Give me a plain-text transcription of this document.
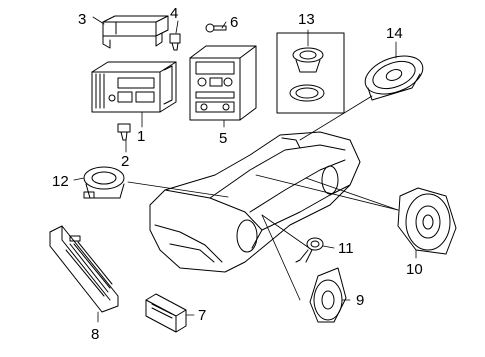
3	4
6
1
2
5
13
14
12
8
7
11
9
10
